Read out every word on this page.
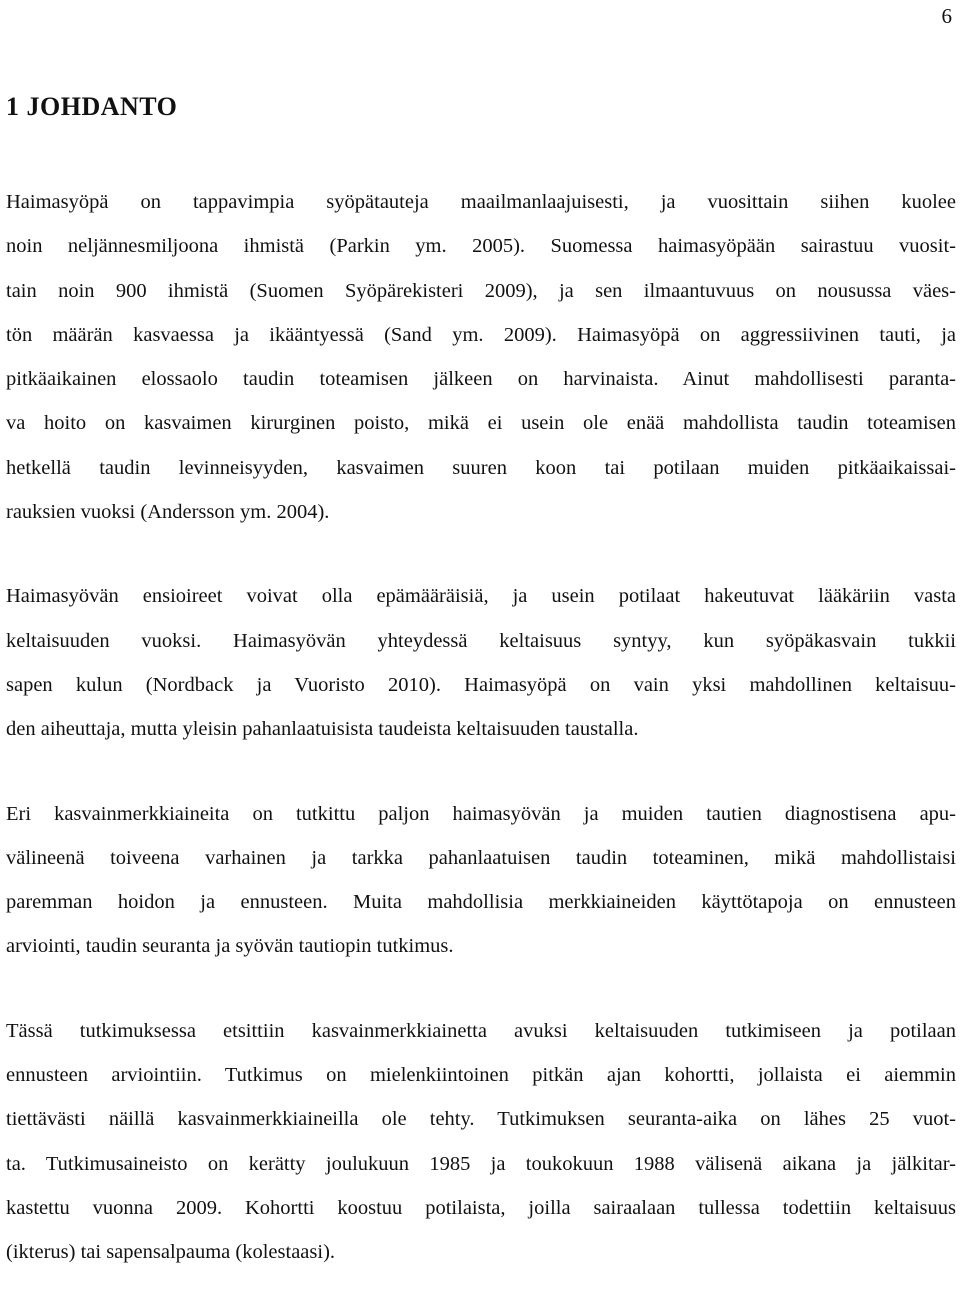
6
1 JOHDANTO
Haimasyöpä on tappavimpia syöpätauteja maailmanlaajuisesti, ja vuosittain siihen kuolee
noin neljännesmiljoona ihmistä (Parkin ym. 2005). Suomessa haimasyöpään sairastuu vuosit-
tain noin 900 ihmistä (Suomen Syöpärekisteri 2009), ja sen ilmaantuvuus on nousussa väes-
tön määrän kasvaessa ja ikääntyessä (Sand ym. 2009). Haimasyöpä on aggressiivinen tauti, ja
pitkäaikainen elossaolo taudin toteamisen jälkeen on harvinaista. Ainut mahdollisesti paranta-
va hoito on kasvaimen kirurginen poisto, mikä ei usein ole enää mahdollista taudin toteamisen
hetkellä taudin levinneisyyden, kasvaimen suuren koon tai potilaan muiden pitkäaikaissai-
rauksien vuoksi (Andersson ym. 2004).
Haimasyövän ensioireet voivat olla epämääräisiä, ja usein potilaat hakeutuvat lääkäriin vasta
keltaisuuden vuoksi. Haimasyövän yhteydessä keltaisuus syntyy, kun syöpäkasvain tukkii
sapen kulun (Nordback ja Vuoristo 2010). Haimasyöpä on vain yksi mahdollinen keltaisuu-
den aiheuttaja, mutta yleisin pahanlaatuisista taudeista keltaisuuden taustalla.
Eri kasvainmerkkiaineita on tutkittu paljon haimasyövän ja muiden tautien diagnostisena apu-
välineenä toiveena varhainen ja tarkka pahanlaatuisen taudin toteaminen, mikä mahdollistaisi
paremman hoidon ja ennusteen. Muita mahdollisia merkkiaineiden käyttötapoja on ennusteen
arviointi, taudin seuranta ja syövän tautiopin tutkimus.
Tässä tutkimuksessa etsittiin kasvainmerkkiainetta avuksi keltaisuuden tutkimiseen ja potilaan
ennusteen arviointiin. Tutkimus on mielenkiintoinen pitkän ajan kohortti, jollaista ei aiemmin
tiettävästi näillä kasvainmerkkiaineilla ole tehty. Tutkimuksen seuranta-aika on lähes 25 vuot-
ta. Tutkimusaineisto on kerätty joulukuun 1985 ja toukokuun 1988 välisenä aikana ja jälkitar-
kastettu vuonna 2009. Kohortti koostuu potilaista, joilla sairaalaan tullessa todettiin keltaisuus
(ikterus) tai sapensalpauma (kolestaasi).
